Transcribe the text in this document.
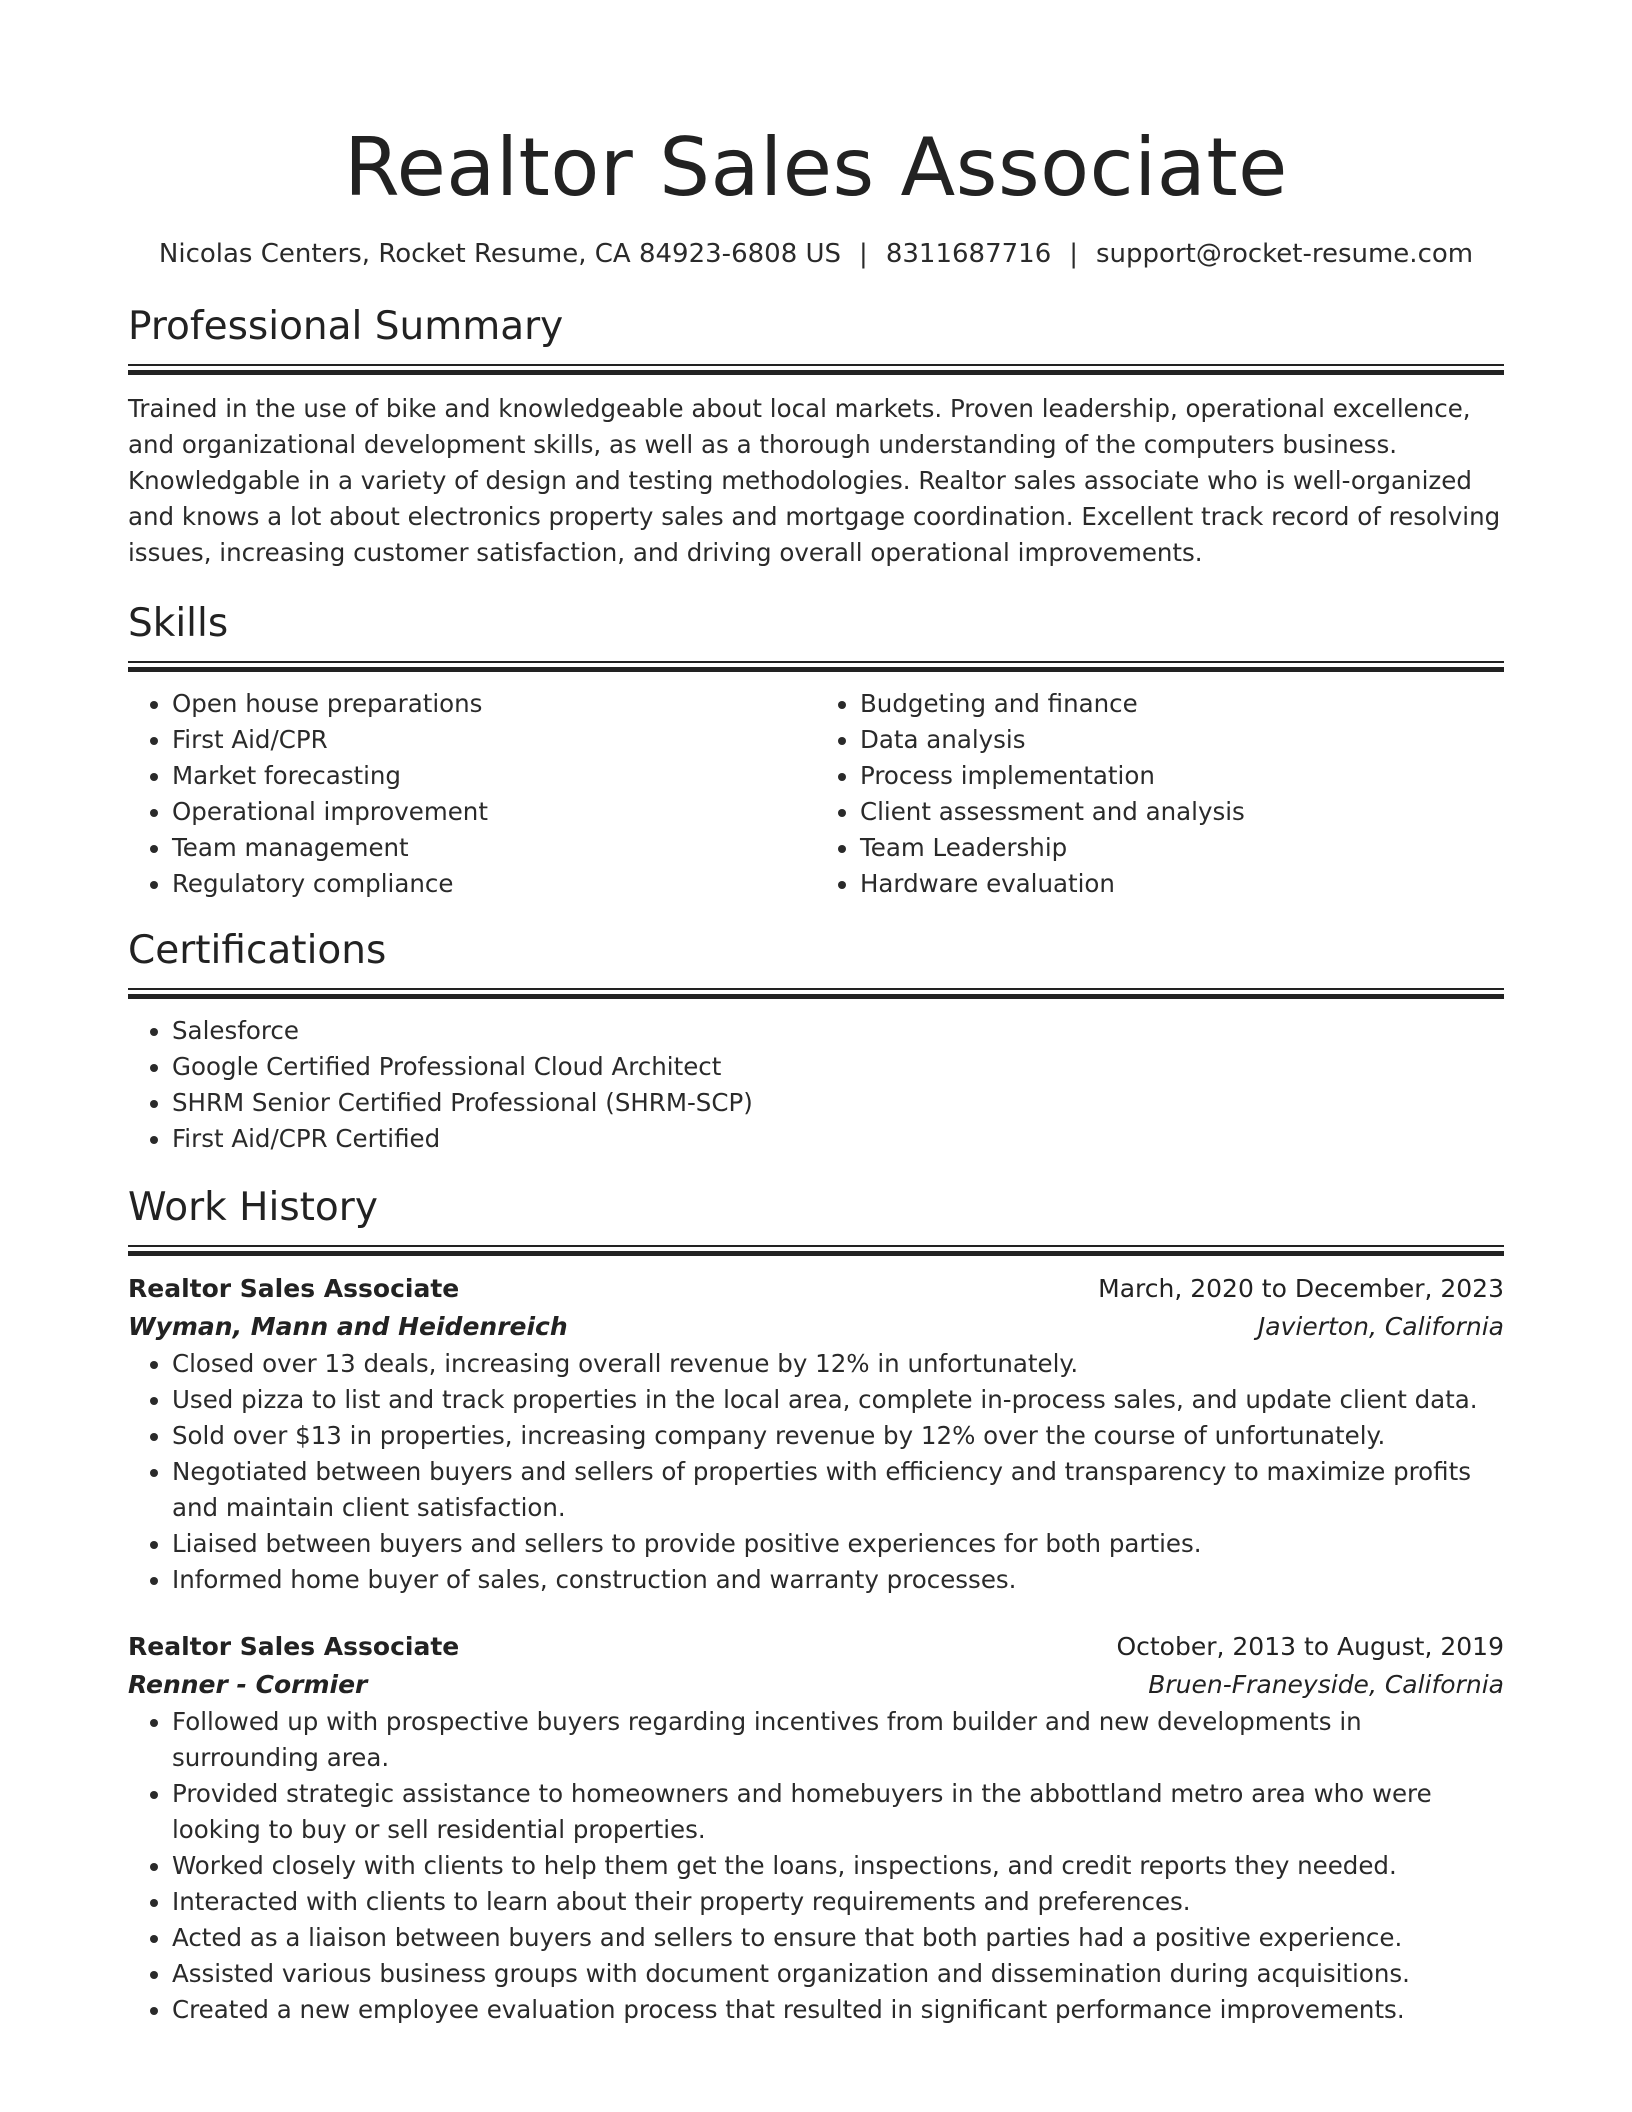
Realtor Sales Associate
Nicolas Centers, Rocket Resume, CA 84923-6808 US | 8311687716 | support@rocket-resume.com
Professional Summary

Trained in the use of bike and knowledgeable about local markets. Proven leadership, operational excellence, and organizational development skills, as well as a thorough understanding of the computers business. Knowledgable in a variety of design and testing methodologies. Realtor sales associate who is well-organized and knows a lot about electronics property sales and mortgage coordination. Excellent track record of resolving issues, increasing customer satisfaction, and driving overall operational improvements.

Skills
• Open house preparations
• First Aid/CPR
• Market forecasting
• Operational improvement
• Team management
• Regulatory compliance
• Budgeting and finance
• Data analysis
• Process implementation
• Client assessment and analysis
• Team Leadership
• Hardware evaluation
Certifications
• Salesforce
• Google Certified Professional Cloud Architect
• SHRM Senior Certified Professional (SHRM-SCP)
• First Aid/CPR Certified
Work History
Realtor Sales Associate	March, 2020 to December, 2023
Wyman, Mann and Heidenreich	Javierton, California
• Closed over 13 deals, increasing overall revenue by 12% in unfortunately.
• Used pizza to list and track properties in the local area, complete in-process sales, and update client data.
• Sold over $13 in properties, increasing company revenue by 12% over the course of unfortunately.
• Negotiated between buyers and sellers of properties with efficiency and transparency to maximize profits and maintain client satisfaction.
• Liaised between buyers and sellers to provide positive experiences for both parties.
• Informed home buyer of sales, construction and warranty processes.
Realtor Sales Associate	October, 2013 to August, 2019
Renner - Cormier	Bruen-Franeyside, California
• Followed up with prospective buyers regarding incentives from builder and new developments in surrounding area.
• Provided strategic assistance to homeowners and homebuyers in the abbottland metro area who were looking to buy or sell residential properties.
• Worked closely with clients to help them get the loans, inspections, and credit reports they needed.
• Interacted with clients to learn about their property requirements and preferences.
• Acted as a liaison between buyers and sellers to ensure that both parties had a positive experience.
• Assisted various business groups with document organization and dissemination during acquisitions.
• Created a new employee evaluation process that resulted in significant performance improvements.
